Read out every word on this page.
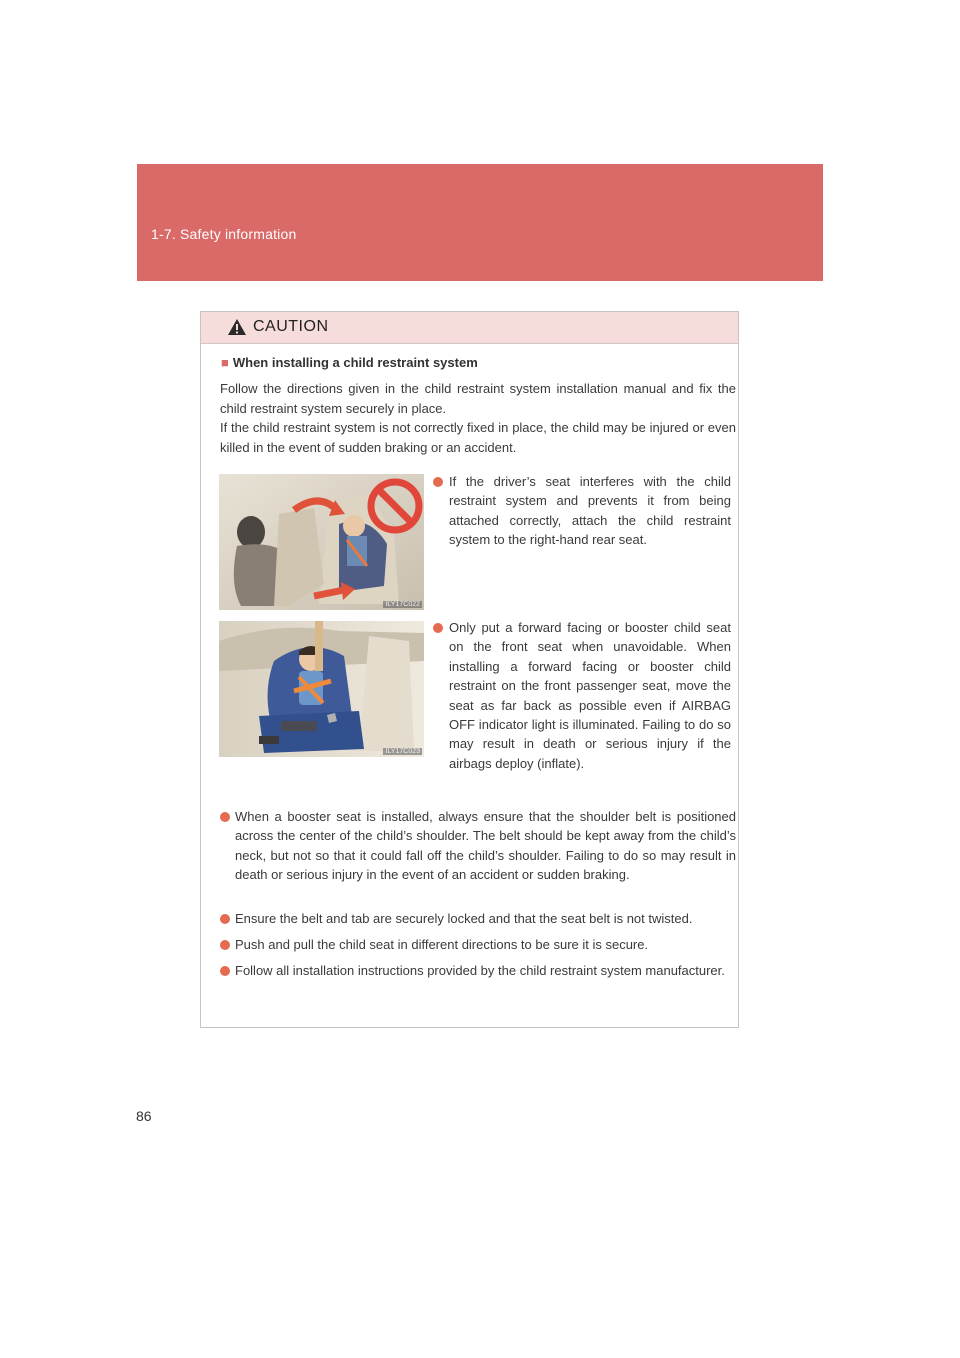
1-7. Safety information
CAUTION
■ When installing a child restraint system

Follow the directions given in the child restraint system installation manual and fix the child restraint system securely in place.

If the child restraint system is not correctly fixed in place, the child may be injured or even killed in the event of sudden braking or an accident.

ILY17C022

If the driver’s seat interferes with the child restraint system and prevents it from being attached correctly, attach the child restraint system to the right-hand rear seat.

ILY17C023

Only put a forward facing or booster child seat on the front seat when unavoidable. When installing a forward facing or booster child restraint on the front passenger seat, move the seat as far back as possible even if AIRBAG OFF indicator light is illuminated. Failing to do so may result in death or serious injury if the airbags deploy (inflate).

When a booster seat is installed, always ensure that the shoulder belt is positioned across the center of the child’s shoulder. The belt should be kept away from the child’s neck, but not so that it could fall off the child’s shoulder. Failing to do so may result in death or serious injury in the event of an accident or sudden braking.

Ensure the belt and tab are securely locked and that the seat belt is not twisted.

Push and pull the child seat in different directions to be sure it is secure.

Follow all installation instructions provided by the child restraint system manufacturer.

86
